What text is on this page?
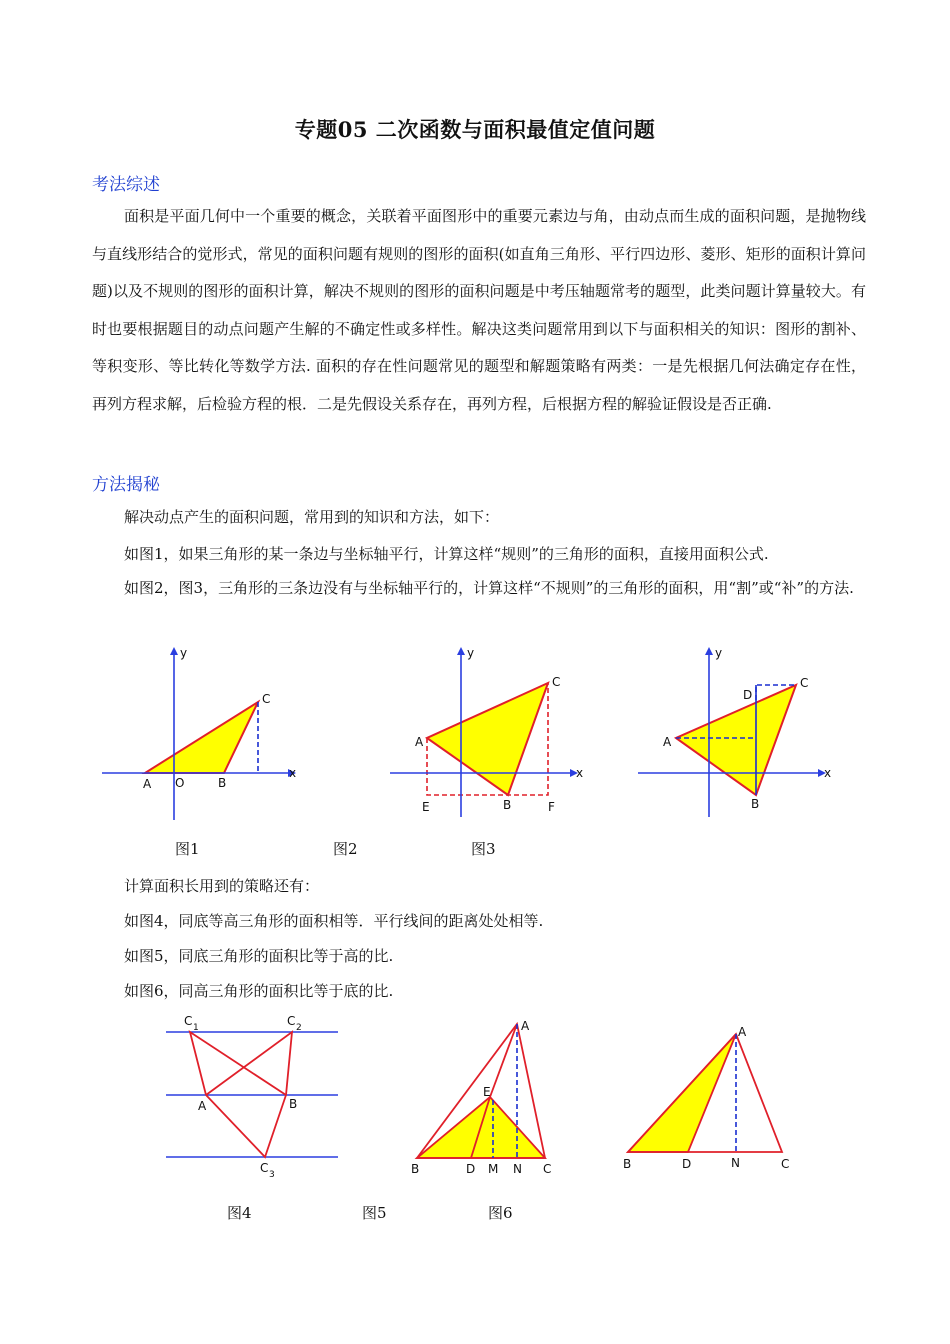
专题05 二次函数与面积最值定值问题
考法综述

面积是平面几何中一个重要的概念，关联着平面图形中的重要元素边与角，由动点而生成的面积问题，是抛物线与直线形结合的觉形式，常见的面积问题有规则的图形的面积(如直角三角形、平行四边形、菱形、矩形的面积计算问题)以及不规则的图形的面积计算，解决不规则的图形的面积问题是中考压轴题常考的题型，此类问题计算量较大。有时也要根据题目的动点问题产生解的不确定性或多样性。解决这类问题常用到以下与面积相关的知识：图形的割补、等积变形、等比转化等数学方法. 面积的存在性问题常见的题型和解题策略有两类：一是先根据几何法确定存在性，再列方程求解，后检验方程的根．二是先假设关系存在，再列方程，后根据方程的解验证假设是否正确.

方法揭秘

解决动点产生的面积问题，常用到的知识和方法，如下：

如图1，如果三角形的某一条边与坐标轴平行，计算这样“规则”的三角形的面积，直接用面积公式.

如图2，图3，三角形的三条边没有与坐标轴平行的，计算这样“不规则”的三角形的面积，用“割”或“补”的方法.

y
x
C
A O	B
y
x
C
A
E	B	F
y
x
C
D
A
B
图1	图2	图3

计算面积长用到的策略还有：

如图4，同底等高三角形的面积相等．平行线间的距离处处相等.

如图5，同底三角形的面积比等于高的比.

如图6，同高三角形的面积比等于底的比.

C 1	C 2
A	B
C 3
A
E
B	D M N C
A
B	D	N	C
图4	图5	图6
